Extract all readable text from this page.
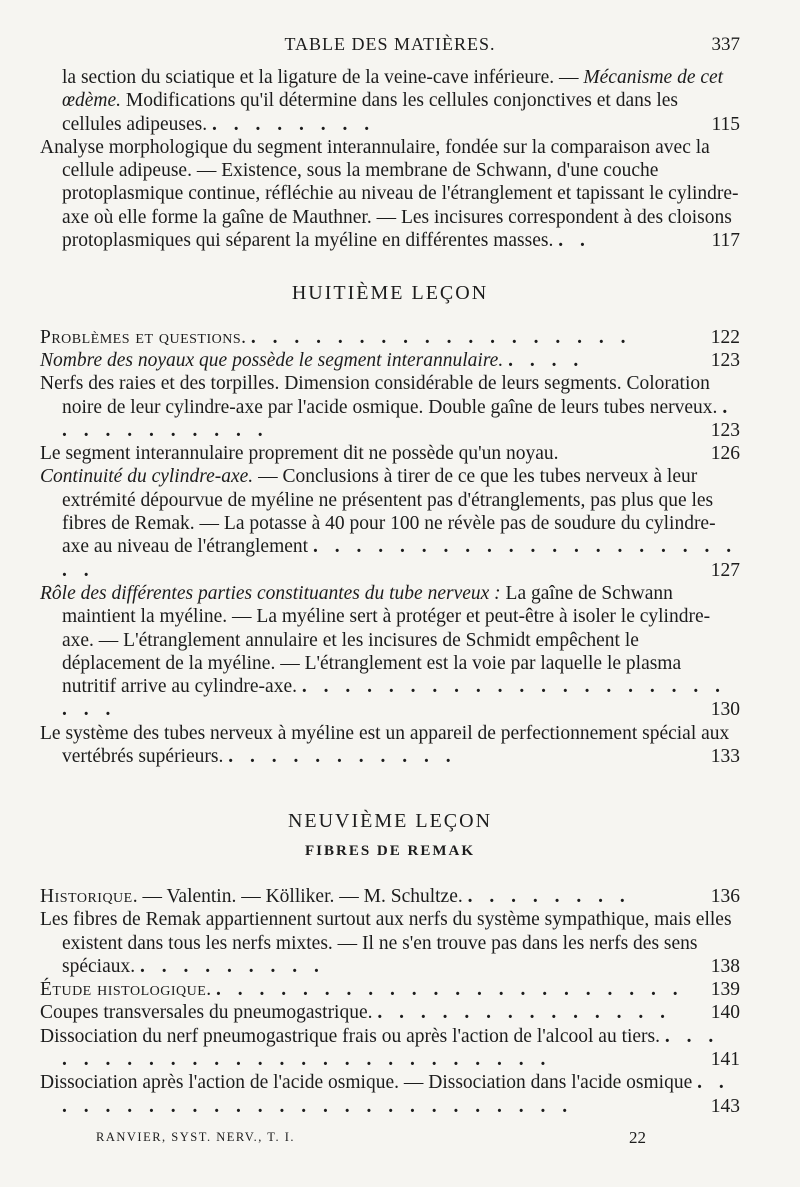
TABLE DES MATIÈRES.	337

la section du sciatique et la ligature de la veine-cave inférieure. — Mécanisme de cet œdème. Modifications qu'il détermine dans les cellules conjonctives et dans les cellules adipeuses. . . . . . . . .	115

Analyse morphologique du segment interannulaire, fondée sur la comparaison avec la cellule adipeuse. — Existence, sous la membrane de Schwann, d'une couche protoplasmique continue, réfléchie au niveau de l'étranglement et tapissant le cylindre-axe où elle forme la gaîne de Mauthner. — Les incisures correspondent à des cloisons protoplasmiques qui séparent la myéline en différentes masses. . .	117

HUITIÈME LEÇON

Problèmes et questions. . . . . . . . . . . . . . . . . . .	122

Nombre des noyaux que possède le segment interannulaire. . . . .	123

Nerfs des raies et des torpilles. Dimension considérable de leurs segments. Coloration noire de leur cylindre-axe par l'acide osmique. Double gaîne de leurs tubes nerveux. . . . . . . . . . . .	123

Le segment interannulaire proprement dit ne possède qu'un noyau.	126

Continuité du cylindre-axe. — Conclusions à tirer de ce que les tubes nerveux à leur extrémité dépourvue de myéline ne présentent pas d'étranglements, pas plus que les fibres de Remak. — La potasse à 40 pour 100 ne révèle pas de soudure du cylindre-axe au niveau de l'étranglement . . . . . . . . . . . . . . . . . . . . . .	127

Rôle des différentes parties constituantes du tube nerveux : La gaîne de Schwann maintient la myéline. — La myéline sert à protéger et peut-être à isoler le cylindre-axe. — L'étranglement annulaire et les incisures de Schmidt empêchent le déplacement de la myéline. — L'étranglement est la voie par laquelle le plasma nutritif arrive au cylindre-axe. . . . . . . . . . . . . . . . . . . . . . . .	130

Le système des tubes nerveux à myéline est un appareil de perfectionnement spécial aux vertébrés supérieurs. . . . . . . . . . . .	133

NEUVIÈME LEÇON

FIBRES DE REMAK

Historique. — Valentin. — Kölliker. — M. Schultze. . . . . . . . .	136

Les fibres de Remak appartiennent surtout aux nerfs du système sympathique, mais elles existent dans tous les nerfs mixtes. — Il ne s'en trouve pas dans les nerfs des sens spéciaux. . . . . . . . . .	138

Étude histologique. . . . . . . . . . . . . . . . . . . . . . . 139

Coupes transversales du pneumogastrique. . . . . . . . . . . . . . . 140

Dissociation du nerf pneumogastrique frais ou après l'action de l'alcool au tiers. . . . . . . . . . . . . . . . . . . . . . . . . . .	141

Dissociation après l'action de l'acide osmique. — Dissociation dans l'acide osmique . . . . . . . . . . . . . . . . . . . . . . . . . .	143

RANVIER, SYST. NERV., T. I.	22
